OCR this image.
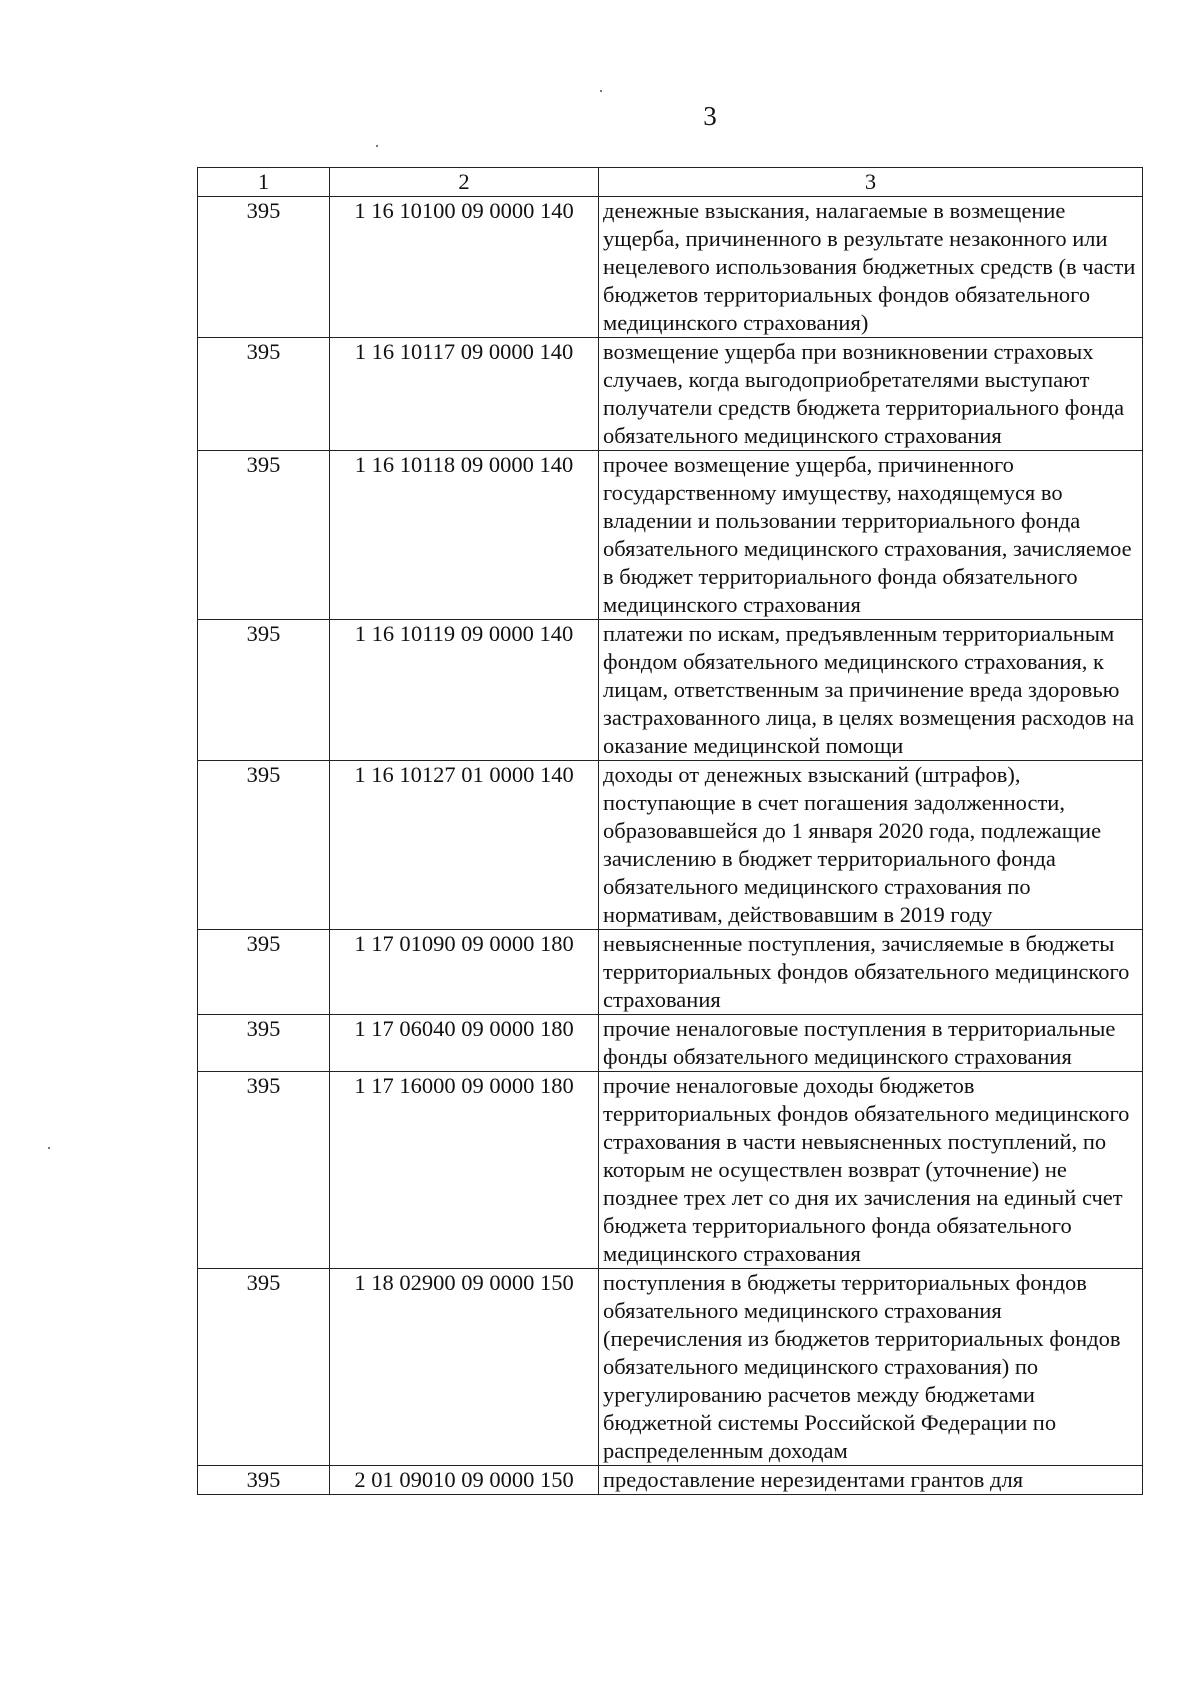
3
1	2	3
395	1 16 10100 09 0000 140	денежные взыскания, налагаемые в возмещение ущерба, причиненного в результате незаконного или нецелевого использования бюджетных средств (в части бюджетов территориальных фондов обязательного медицинского страхования)
395	1 16 10117 09 0000 140	возмещение ущерба при возникновении страховых случаев, когда выгодоприобретателями выступают получатели средств бюджета территориального фонда обязательного медицинского страхования
395	1 16 10118 09 0000 140	прочее возмещение ущерба, причиненного государственному имуществу, находящемуся во владении и пользовании территориального фонда обязательного медицинского страхования, зачисляемое в бюджет территориального фонда обязательного медицинского страхования
395	1 16 10119 09 0000 140	платежи по искам, предъявленным территориальным фондом обязательного медицинского страхования, к лицам, ответственным за причинение вреда здоровью застрахованного лица, в целях возмещения расходов на оказание медицинской помощи
395	1 16 10127 01 0000 140	доходы от денежных взысканий (штрафов), поступающие в счет погашения задолженности, образовавшейся до 1 января 2020 года, подлежащие зачислению в бюджет территориального фонда обязательного медицинского страхования по нормативам, действовавшим в 2019 году
395	1 17 01090 09 0000 180	невыясненные поступления, зачисляемые в бюджеты территориальных фондов обязательного медицинского страхования
395	1 17 06040 09 0000 180	прочие неналоговые поступления в территориальные фонды обязательного медицинского страхования
395	1 17 16000 09 0000 180	прочие неналоговые доходы бюджетов территориальных фондов обязательного медицинского страхования в части невыясненных поступлений, по которым не осуществлен возврат (уточнение) не позднее трех лет со дня их зачисления на единый счет бюджета территориального фонда обязательного медицинского страхования
395	1 18 02900 09 0000 150	поступления в бюджеты территориальных фондов обязательного медицинского страхования (перечисления из бюджетов территориальных фондов обязательного медицинского страхования) по урегулированию расчетов между бюджетами бюджетной системы Российской Федерации по распределенным доходам
395	2 01 09010 09 0000 150	предоставление нерезидентами грантов для
